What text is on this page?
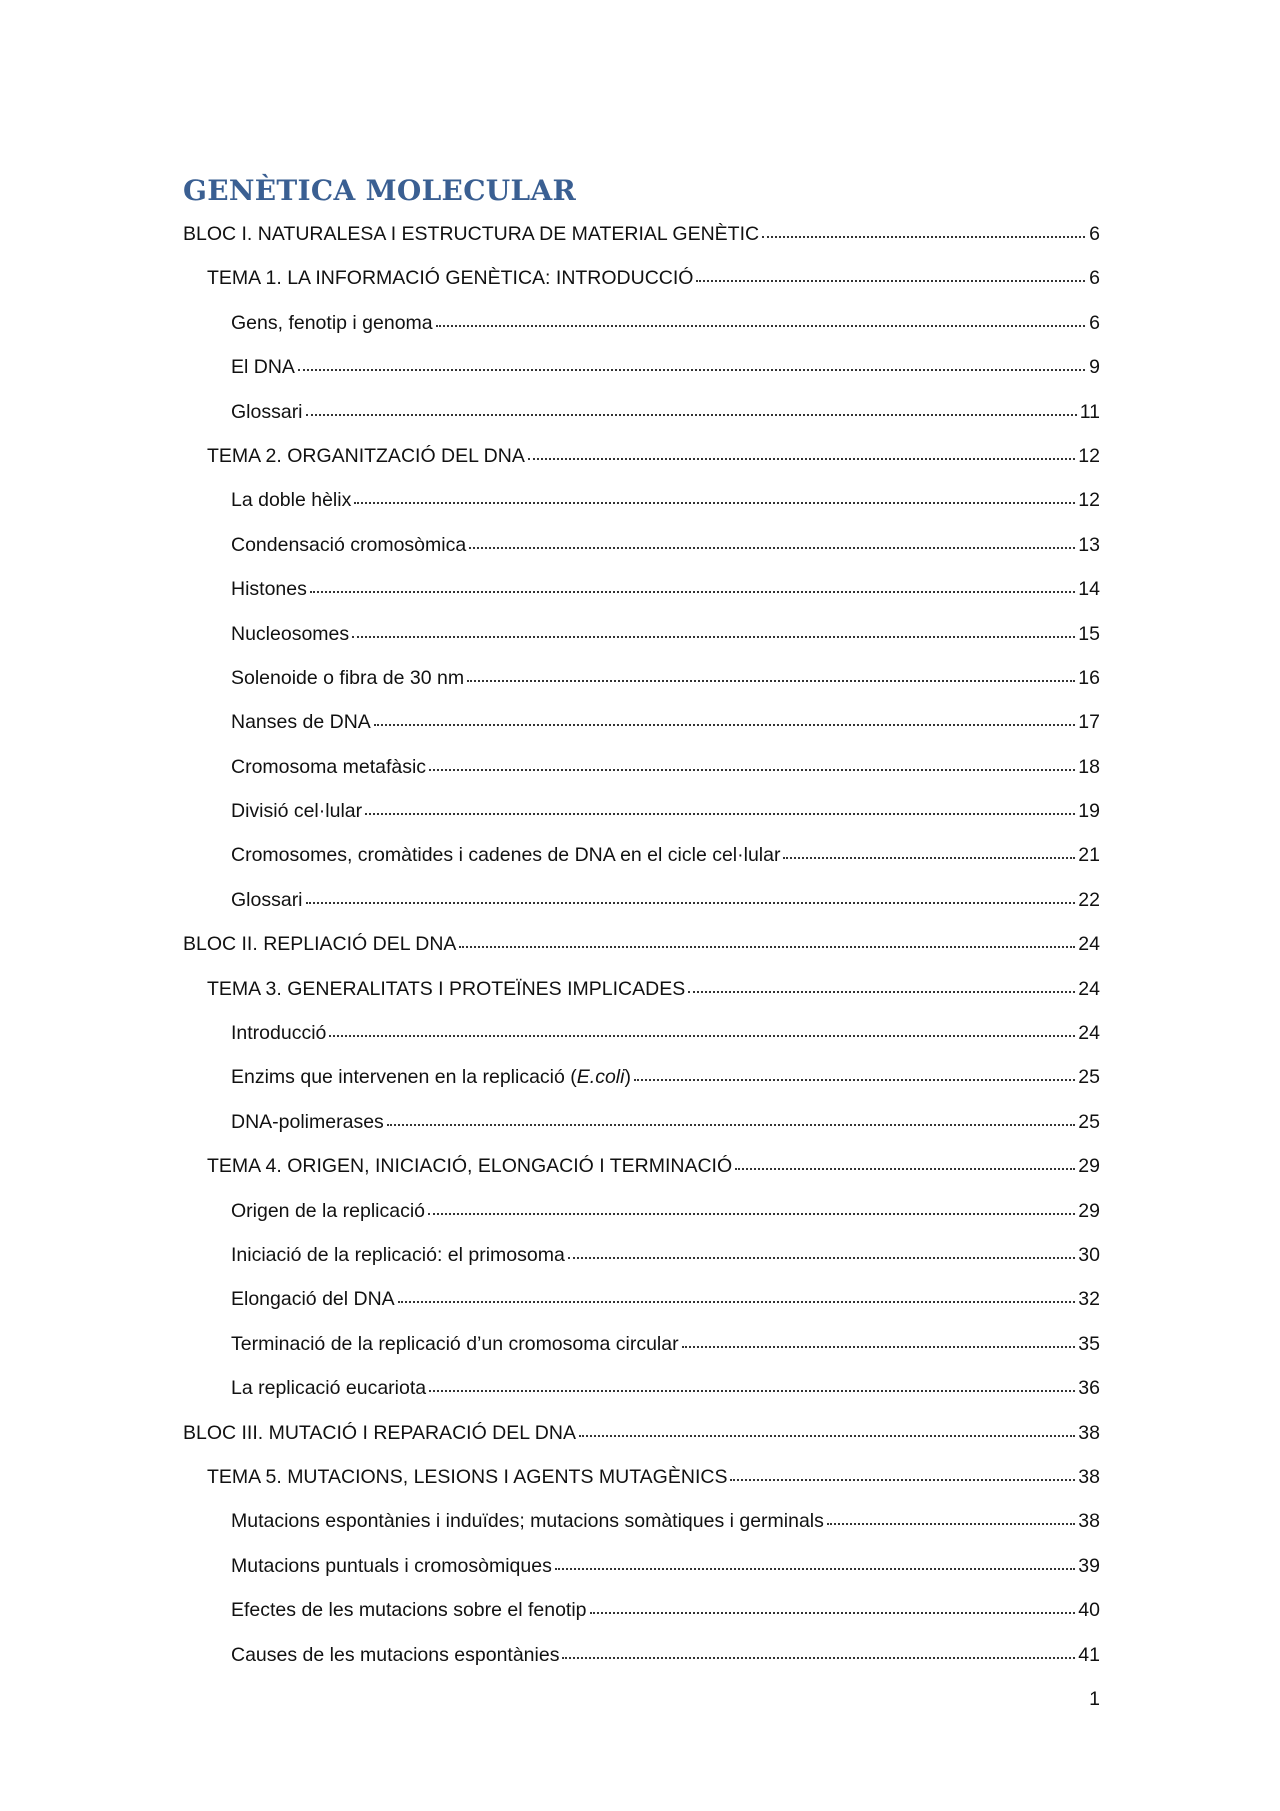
GENÈTICA MOLECULAR
BLOC I. NATURALESA I ESTRUCTURA DE MATERIAL GENÈTIC	6
TEMA 1. LA INFORMACIÓ GENÈTICA: INTRODUCCIÓ	6
Gens, fenotip i genoma	6
El DNA	9
Glossari	11
TEMA 2. ORGANITZACIÓ DEL DNA	12
La doble hèlix	12
Condensació cromosòmica	13
Histones	14
Nucleosomes	15
Solenoide o fibra de 30 nm	16
Nanses de DNA	17
Cromosoma metafàsic	18
Divisió cel·lular	19
Cromosomes, cromàtides i cadenes de DNA en el cicle cel·lular	21
Glossari	22
BLOC II. REPLIACIÓ DEL DNA	24
TEMA 3. GENERALITATS I PROTEÏNES IMPLICADES	24
Introducció	24
Enzims que intervenen en la replicació (E.coli)	25
DNA-polimerases	25
TEMA 4. ORIGEN, INICIACIÓ, ELONGACIÓ I TERMINACIÓ	29
Origen de la replicació	29
Iniciació de la replicació: el primosoma	30
Elongació del DNA	32
Terminació de la replicació d’un cromosoma circular	35
La replicació eucariota	36
BLOC III. MUTACIÓ I REPARACIÓ DEL DNA	38
TEMA 5. MUTACIONS, LESIONS I AGENTS MUTAGÈNICS	38
Mutacions espontànies i induïdes; mutacions somàtiques i germinals	38
Mutacions puntuals i cromosòmiques	39
Efectes de les mutacions sobre el fenotip	40
Causes de les mutacions espontànies	41
1
